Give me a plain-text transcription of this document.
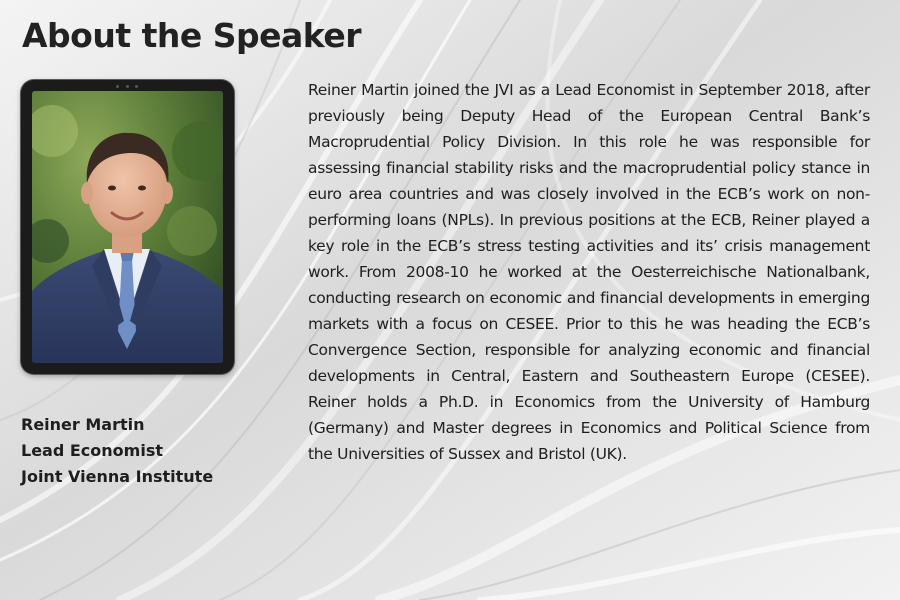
About the Speaker
Reiner Martin
Lead Economist
Joint Vienna Institute

Reiner Martin joined the JVI as a Lead Economist in September 2018, after previously being Deputy Head of the European Central Bank’s Macroprudential Policy Division. In this role he was responsible for assessing financial stability risks and the macroprudential policy stance in euro area countries and was closely involved in the ECB’s work on non-performing loans (NPLs). In previous positions at the ECB, Reiner played a key role in the ECB’s stress testing activities and its’ crisis management work. From 2008-10 he worked at the Oesterreichische Nationalbank, conducting research on economic and financial developments in emerging markets with a focus on CESEE. Prior to this he was heading the ECB’s Convergence Section, responsible for analyzing economic and financial developments in Central, Eastern and Southeastern Europe (CESEE). Reiner holds a Ph.D. in Economics from the University of Hamburg (Germany) and Master degrees in Economics and Political Science from the Universities of Sussex and Bristol (UK).
